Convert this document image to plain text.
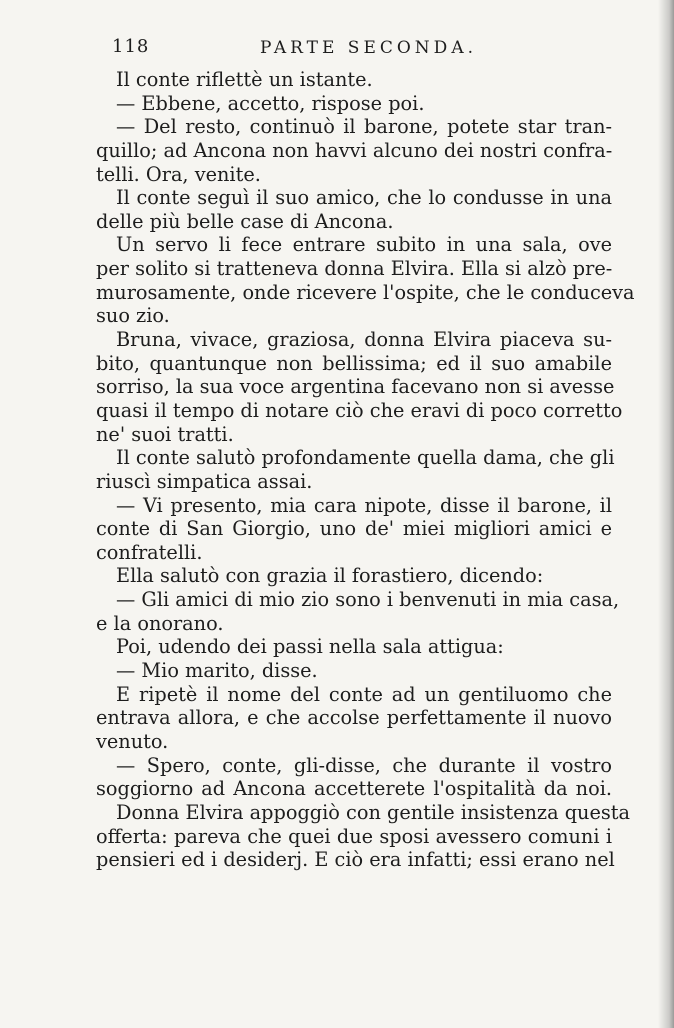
118	PARTE SECONDA.
Il conte riflettè un istante.
— Ebbene, accetto, rispose poi.
— Del resto, continuò il barone, potete star tran-
quillo; ad Ancona non havvi alcuno dei nostri confra-
telli. Ora, venite.
Il conte seguì il suo amico, che lo condusse in una
delle più belle case di Ancona.
Un servo li fece entrare subito in una sala, ove
per solito si tratteneva donna Elvira. Ella si alzò pre-
murosamente, onde ricevere l'ospite, che le conduceva
suo zio.
Bruna, vivace, graziosa, donna Elvira piaceva su-
bito, quantunque non bellissima; ed il suo amabile
sorriso, la sua voce argentina facevano non si avesse
quasi il tempo di notare ciò che eravi di poco corretto
ne' suoi tratti.
Il conte salutò profondamente quella dama, che gli
riuscì simpatica assai.
— Vi presento, mia cara nipote, disse il barone, il
conte di San Giorgio, uno de' miei migliori amici e
confratelli.
Ella salutò con grazia il forastiero, dicendo:
— Gli amici di mio zio sono i benvenuti in mia casa,
e la onorano.
Poi, udendo dei passi nella sala attigua:
— Mio marito, disse.
E ripetè il nome del conte ad un gentiluomo che
entrava allora, e che accolse perfettamente il nuovo
venuto.
— Spero, conte, gli-disse, che durante il vostro
soggiorno ad Ancona accetterete l'ospitalità da noi.
Donna Elvira appoggiò con gentile insistenza questa
offerta: pareva che quei due sposi avessero comuni i
pensieri ed i desiderj. E ciò era infatti; essi erano nel
